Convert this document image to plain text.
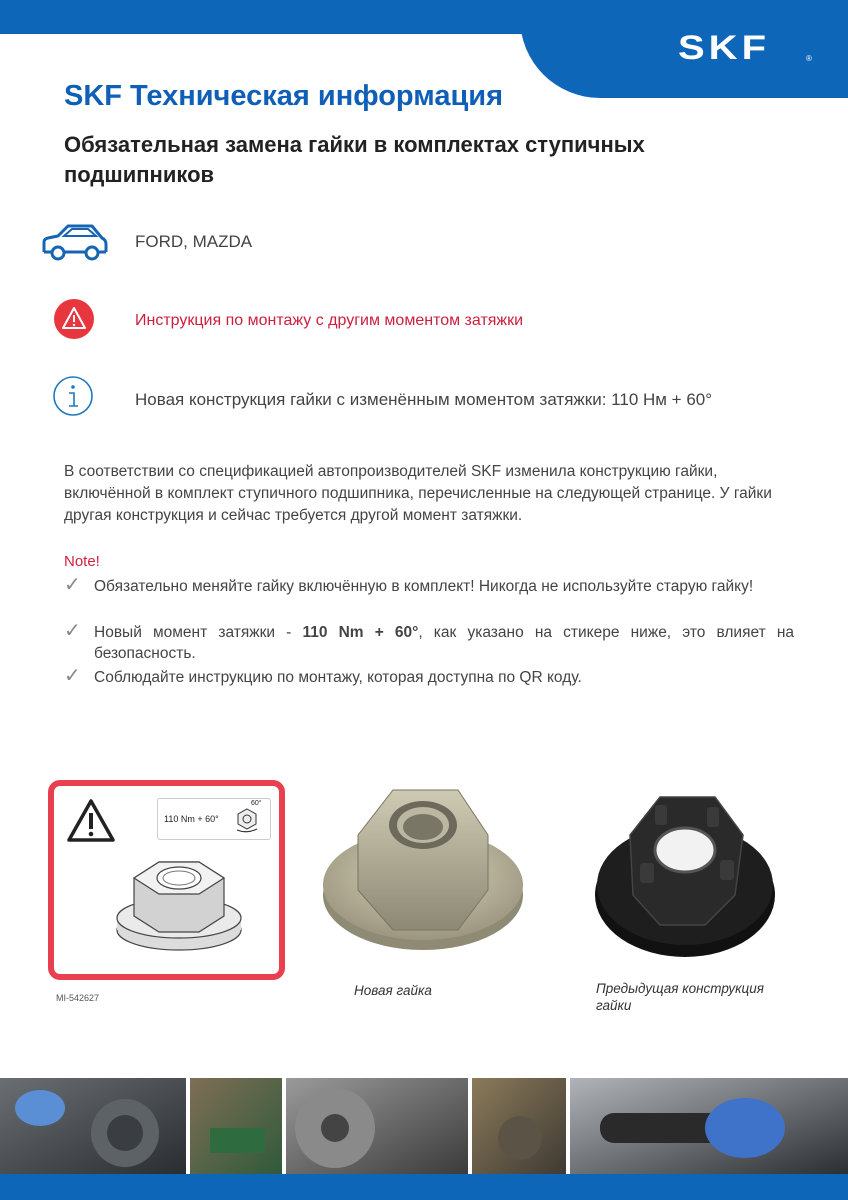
SKF	®
SKF Техническая информация
Обязательная замена гайки в комплектах ступичных подшипников
FORD, MAZDA
Инструкция по монтажу с другим моментом затяжки
Новая конструкция гайки с изменённым моментом затяжки: 110 Нм + 60°
В соответствии со спецификацией автопроизводителей SKF изменила конструкцию гайки, включённой в комплект ступичного подшипника, перечисленные на следующей странице. У гайки другая конструкция и сейчас требуется другой момент затяжки.
Note!
✓ Обязательно меняйте гайку включённую в комплект! Никогда не используйте старую гайку!
✓ Новый момент затяжки - 110 Nm + 60°, как указано на стикере ниже, это влияет на безопасность.
✓ Соблюдайте инструкцию по монтажу, которая доступна по QR коду.
110 Nm + 60°
60°
MI-542627	Новая гайка	Предыдущая конструкция гайки
